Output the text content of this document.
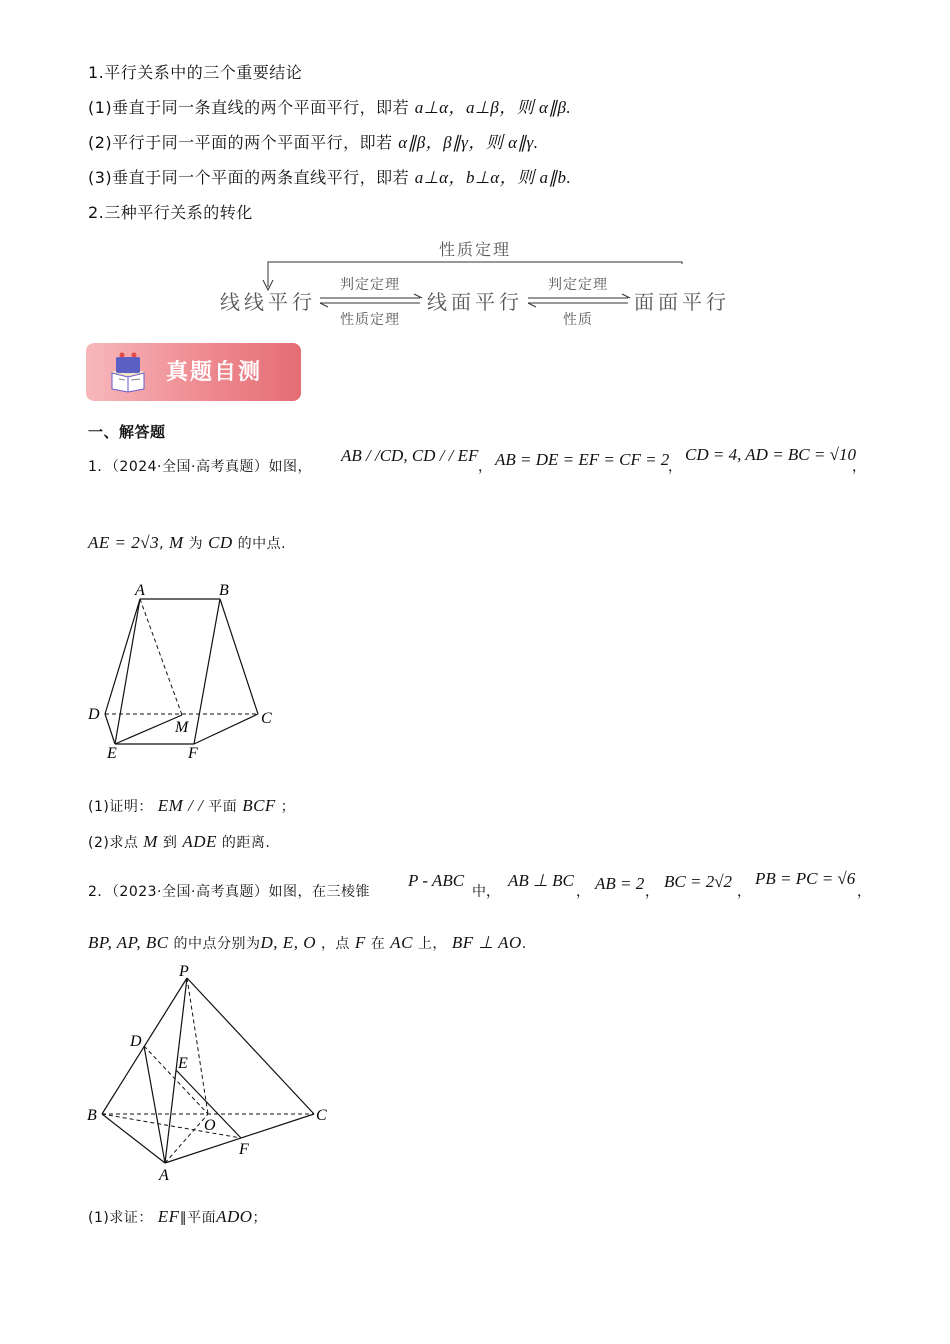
1.平行关系中的三个重要结论
(1)垂直于同一条直线的两个平面平行，即若 a⊥α，a⊥β，则 α∥β.
(2)平行于同一平面的两个平面平行，即若 α∥β，β∥γ，则 α∥γ.
(3)垂直于同一个平面的两条直线平行，即若 a⊥α，b⊥α，则 a∥b.
2.三种平行关系的转化
性质定理
线线平行	线面平行	面面平行
判定定理
性质定理
判定定理
性质
真题自测
一、解答题
1．（2024·全国·高考真题）如图，
AB / /CD, CD / / EF
， AB = DE = EF = CF = 2
，
CD = 4, AD = BC = √10
，
AE = 2√3, M 为 CD 的中点.
A	B
D	C
M
E	F
(1)证明： EM / / 平面 BCF ；
(2)求点 M 到 ADE 的距离.
2．（2023·全国·高考真题）如图，在三棱锥
P - ABC
中，
AB ⊥ BC
， AB = 2 ，
BC = 2√2
，
PB = PC = √6
，
BP, AP, BC 的中点分别为D, E, O ，点 F 在 AC 上， BF ⊥ AO.
P
D
E
B
O
C
F
A
(1)求证： EF∥平面ADO；
